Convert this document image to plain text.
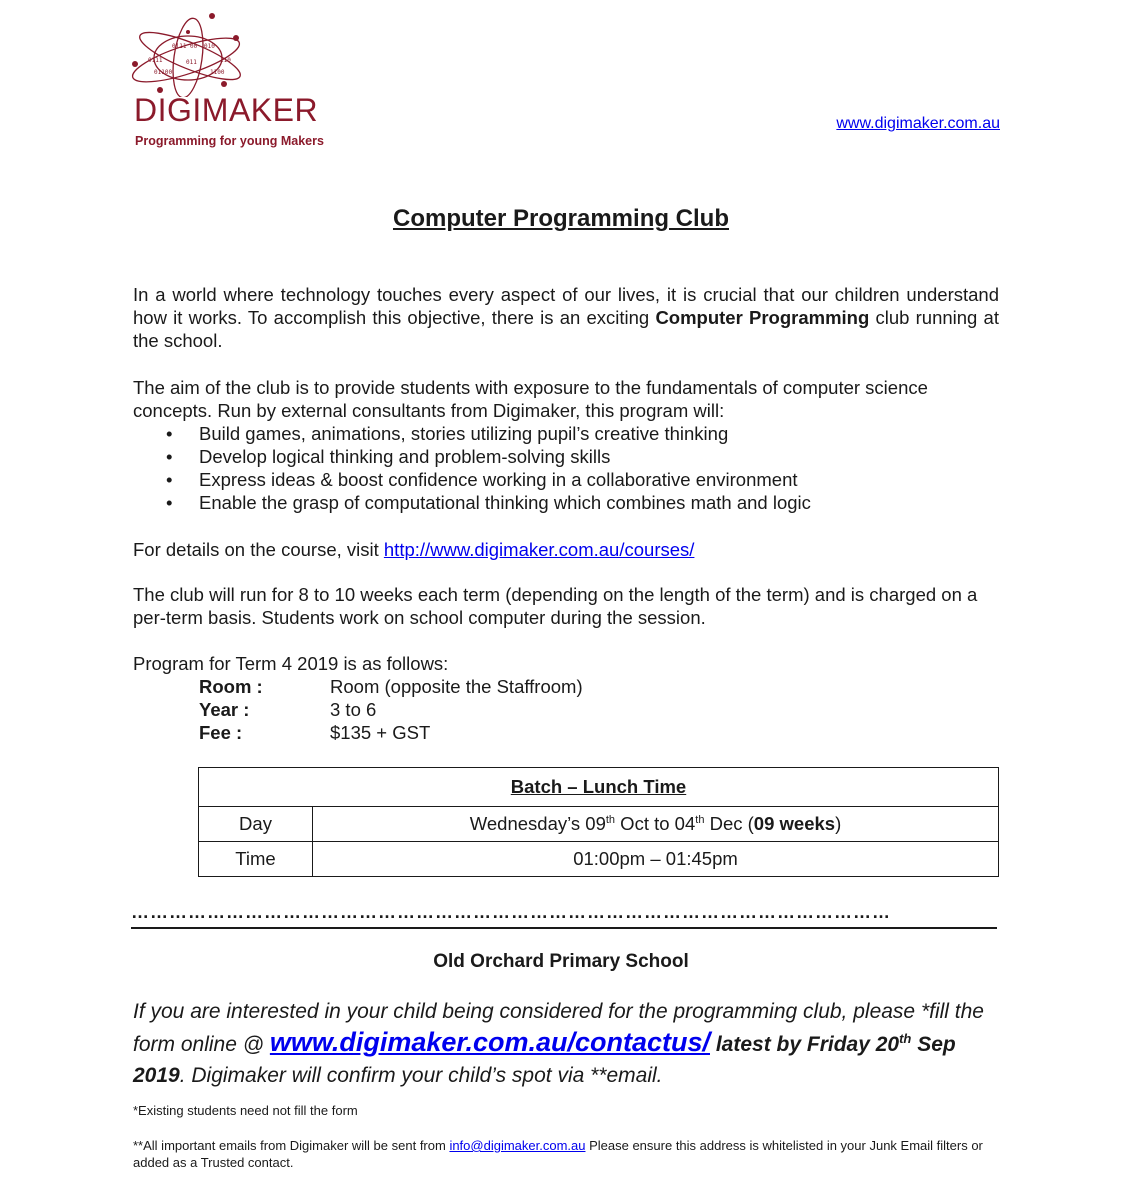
0111
0111
00 010
011	110
01100	1100
DIGIMAKER
Programming for young Makers
www.digimaker.com.au
Computer Programming Club
In a world where technology touches every aspect of our lives, it is crucial that our children understand how it works. To accomplish this objective, there is an exciting Computer Programming club running at the school.

The aim of the club is to provide students with exposure to the fundamentals of computer science concepts. Run by external consultants from Digimaker, this program will:

• Build games, animations, stories utilizing pupil’s creative thinking
• Develop logical thinking and problem-solving skills
• Express ideas & boost confidence working in a collaborative environment
• Enable the grasp of computational thinking which combines math and logic
For details on the course, visit http://www.digimaker.com.au/courses/
The club will run for 8 to 10 weeks each term (depending on the length of the term) and is charged on a per-term basis. Students work on school computer during the session.
Program for Term 4 2019 is as follows:
Room :	Room (opposite the Staffroom)
Year :	3 to 6
Fee :	$135 + GST
Batch – Lunch Time	
Day	Wednesday’s 09th Oct to 04th Dec (09 weeks)
Time	01:00pm – 01:45pm
…………………………………………………………………………………………………………
Old Orchard Primary School
If you are interested in your child being considered for the programming club, please *fill the form online @ www.digimaker.com.au/contactus/ latest by Friday 20th Sep 2019. Digimaker will confirm your child’s spot via **email.
*Existing students need not fill the form
**All important emails from Digimaker will be sent from info@digimaker.com.au Please ensure this address is whitelisted in your Junk Email filters or added as a Trusted contact.
